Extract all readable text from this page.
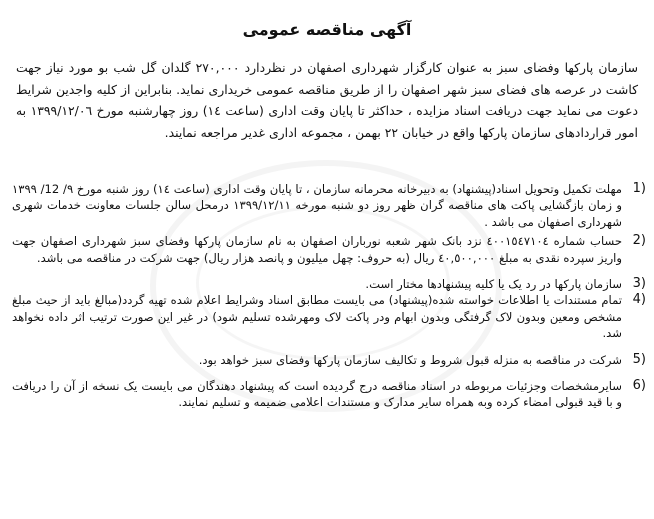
آگهی مناقصه عمومی
سازمان پارکها وفضای سبز به عنوان کارگزار شهرداری اصفهان در نظردارد ۲۷۰,۰۰۰ گلدان گل شب بو مورد نیاز جهت کاشت در عرصه های فضای سبز شهر اصفهان را از طریق مناقصه عمومی خریداری نماید. بنابراین از کلیه واجدین شرایط دعوت می نماید جهت دریافت اسناد مزایده ، حداکثر تا پایان وقت اداری (ساعت ۱٤) روز چهارشنبه مورخ ۱۳۹۹/۱۲/۰٦ به امور قراردادهای سازمان پارکها واقع در خیابان ۲۲ بهمن ، مجموعه اداری غدیر مراجعه نمایند.
1)
مهلت تکمیل وتحویل اسناد(پیشنهاد) به دبیرخانه محرمانه سازمان ، تا پایان وقت اداری (ساعت ۱٤) روز شنبه مورخ ۹/ 12/ ۱۳۹۹ و زمان بازگشایی پاکت های مناقصه گران ظهر روز دو شنبه مورخه ۱۳۹۹/۱۲/۱۱ درمحل سالن جلسات معاونت خدمات شهری شهرداری اصفهان می باشد .
2)
حساب شماره ٤۰۰۱٥٤۷۱۰٤ نزد بانک شهر شعبه نورباران اصفهان به نام سازمان پارکها وفضای سبز شهرداری اصفهان جهت واریز سپرده نقدی به مبلغ ٤۰,٥۰۰,۰۰۰ ریال (به حروف: چهل میلیون و پانصد هزار ریال) جهت شرکت در مناقصه می باشد.
3)
سازمان پارکها در رد یک یا کلیه پیشنهادها مختار است.
4)
تمام مستندات یا اطلاعات خواسته شده(پیشنهاد) می بایست مطابق اسناد وشرایط اعلام شده تهیه گردد(مبالغ باید از حیث مبلغ مشخص ومعین وبدون لاک گرفتگی وبدون ابهام ودر پاکت لاک ومهرشده تسلیم شود) در غیر این صورت ترتیب اثر داده نخواهد شد.
5)
شرکت در مناقصه به منزله قبول شروط و تکالیف سازمان پارکها وفضای سبز خواهد بود.
6)
سایرمشخصات وجزئیات مربوطه در اسناد مناقصه درج گردیده است که پیشنهاد دهندگان می بایست یک نسخه از آن را دریافت و با قید قبولی امضاء کرده وبه همراه سایر مدارک و مستندات اعلامی ضمیمه و تسلیم نمایند.
